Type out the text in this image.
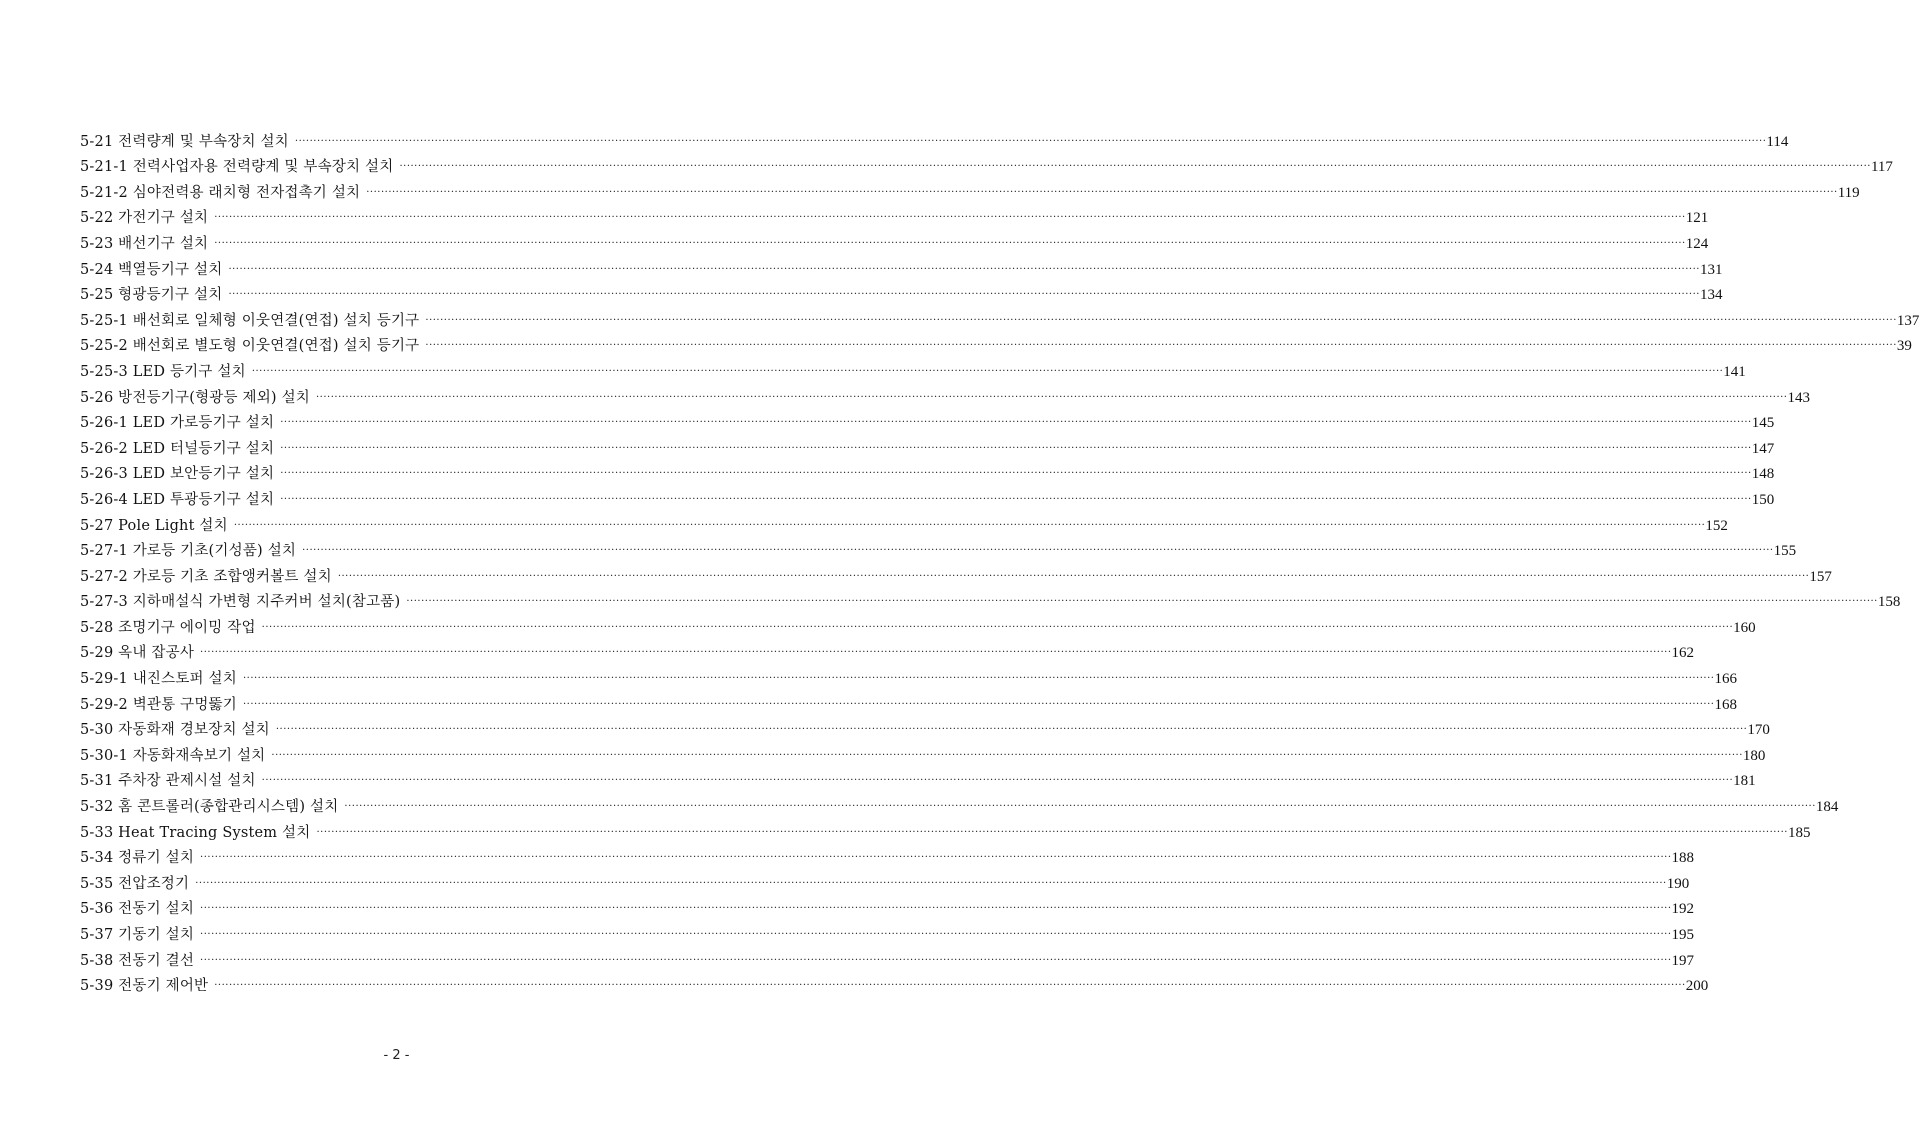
5-21 전력량계 및 부속장치 설치 ················································································································································································································································································································································································································ 114
5-21-1 전력사업자용 전력량계 및 부속장치 설치 ················································································································································································································································································································································································································ 117
5-21-2 심야전력용 래치형 전자접촉기 설치 ················································································································································································································································································································································································································ 119
5-22 가전기구 설치 ················································································································································································································································································································································································································ 121
5-23 배선기구 설치 ················································································································································································································································································································································································································ 124
5-24 백열등기구 설치 ················································································································································································································································································································································································································ 131
5-25 형광등기구 설치 ················································································································································································································································································································································································································ 134
5-25-1 배선회로 일체형 이웃연결(연접) 설치 등기구 ················································································································································································································································································································································································································ 137
5-25-2 배선회로 별도형 이웃연결(연접) 설치 등기구 ················································································································································································································································································································································································································ 39
5-25-3 LED 등기구 설치 ················································································································································································································································································································································································································ 141
5-26 방전등기구(형광등 제외) 설치 ················································································································································································································································································································································································································ 143
5-26-1 LED 가로등기구 설치 ················································································································································································································································································································································································································ 145
5-26-2 LED 터널등기구 설치 ················································································································································································································································································································································································································ 147
5-26-3 LED 보안등기구 설치 ················································································································································································································································································································································································································ 148
5-26-4 LED 투광등기구 설치 ················································································································································································································································································································································································································ 150
5-27 Pole Light 설치 ················································································································································································································································································································································································································ 152
5-27-1 가로등 기초(기성품) 설치 ················································································································································································································································································································································································································ 155
5-27-2 가로등 기초 조합앵커볼트 설치 ················································································································································································································································································································································································································ 157
5-27-3 지하매설식 가변형 지주커버 설치(참고품) ················································································································································································································································································································································································································ 158
5-28 조명기구 에이밍 작업 ················································································································································································································································································································································································································ 160
5-29 옥내 잡공사 ················································································································································································································································································································································································································ 162
5-29-1 내진스토퍼 설치 ················································································································································································································································································································································································································ 166
5-29-2 벽관통 구멍뚫기 ················································································································································································································································································································································································································ 168
5-30 자동화재 경보장치 설치 ················································································································································································································································································································································································································ 170
5-30-1 자동화재속보기 설치 ················································································································································································································································································································································································································ 180
5-31 주차장 관제시설 설치 ················································································································································································································································································································································································································ 181
5-32 홈 콘트롤러(종합관리시스템) 설치 ················································································································································································································································································································································································································ 184
5-33 Heat Tracing System 설치 ················································································································································································································································································································································································································ 185
5-34 정류기 설치 ················································································································································································································································································································································································································ 188
5-35 전압조정기 ················································································································································································································································································································································································································ 190
5-36 전동기 설치 ················································································································································································································································································································································································································ 192
5-37 기동기 설치 ················································································································································································································································································································································································································ 195
5-38 전동기 결선 ················································································································································································································································································································································································································ 197
5-39 전동기 제어반 ················································································································································································································································································································································································································ 200
- 2 -
